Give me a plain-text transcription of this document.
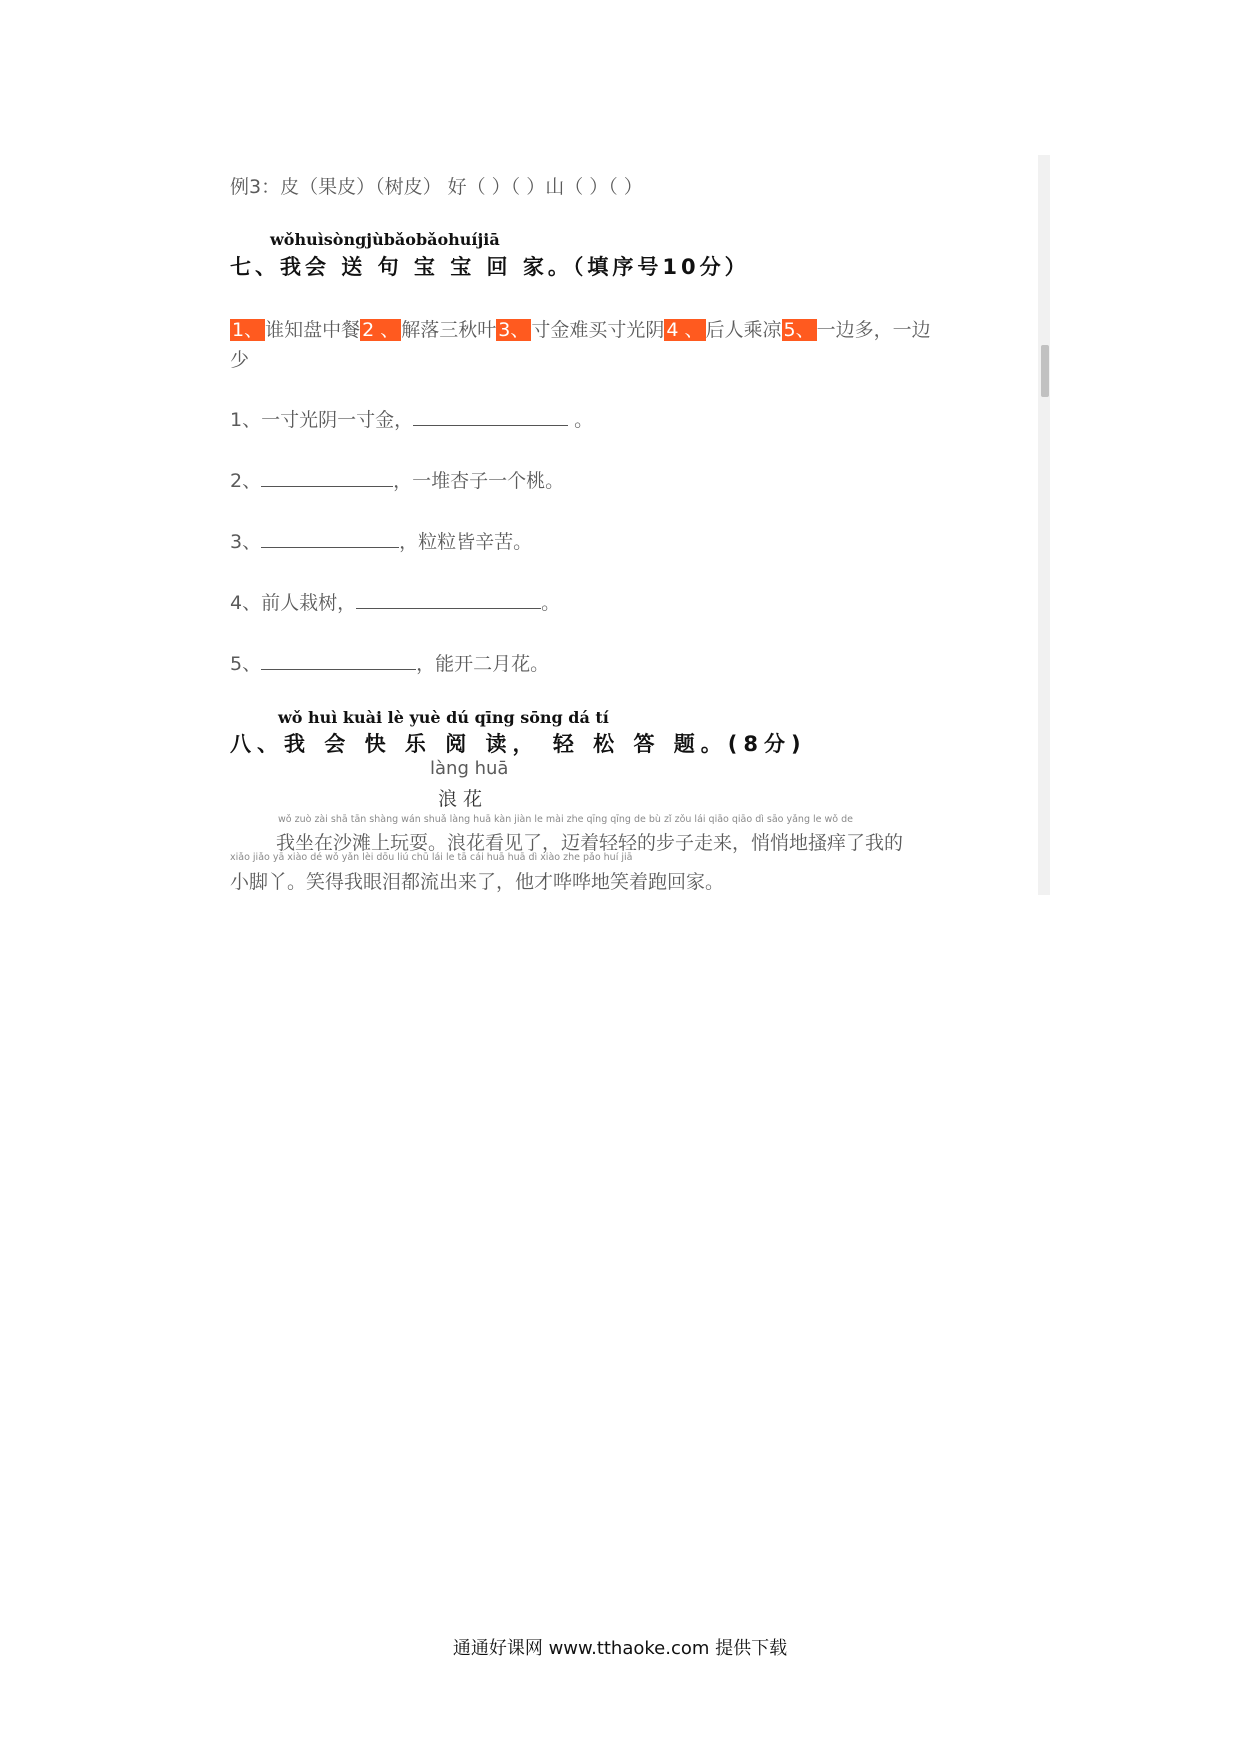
例3：皮（果皮）（树皮） 好（ ）（ ）山（ ）（ ）
wǒhuìsòngjùbǎobǎohuíjiā
七、我会 送 句 宝 宝 回 家。（填序号10分）
1、 谁知盘中餐 2 、 解落三秋叶 3、 寸金难买寸光阴 4 、 后人乘凉 5、 一边多，一边
少
1、一寸光阴一寸金，	。
2、	，一堆杏子一个桃。
3、	，粒粒皆辛苦。
4、前人栽树，	。
5、	，能开二月花。
wǒ huì kuài lè yuè dú qīng sōng dá tí
八、我 会 快 乐 阅 读， 轻 松 答 题。(8分)
làng huā
浪 花
wǒ zuò zài shā tān shàng wán shuǎ làng huā kàn jiàn le mài zhe qīng qīng de bù zǐ zǒu lái qiāo qiāo dì sāo yǎng le wǒ de
我坐在沙滩上玩耍。浪花看见了，迈着轻轻的步子走来，悄悄地搔痒了我的
xiǎo jiǎo yā xiào dé wǒ yǎn lèi dōu liú chū lái le tā cái huā huā dì xiào zhe pǎo huí jiā
小脚丫。笑得我眼泪都流出来了，他才哗哗地笑着跑回家。
通通好课网 www.tthaoke.com 提供下载
